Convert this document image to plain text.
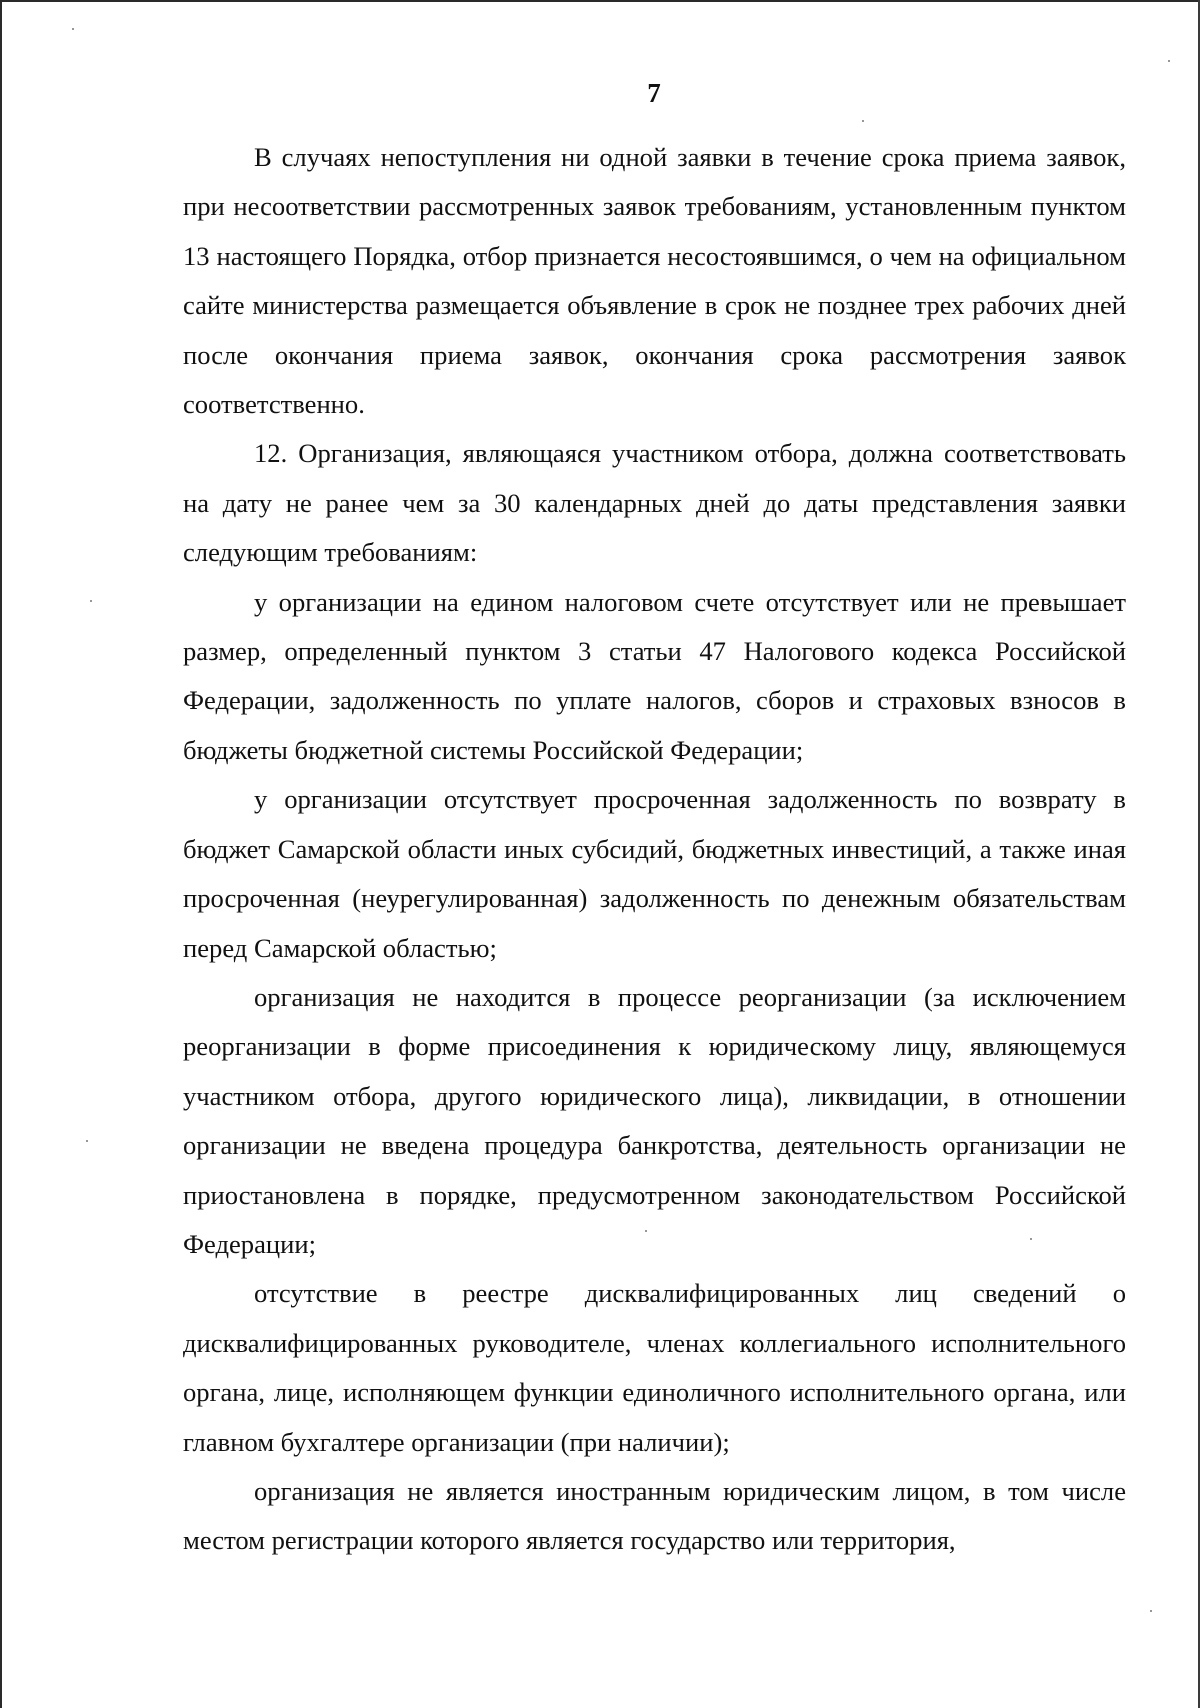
7

В случаях непоступления ни одной заявки в течение срока приема заявок, при несоответствии рассмотренных заявок требованиям, установленным пунктом 13 настоящего Порядка, отбор признается несостоявшимся, о чем на официальном сайте министерства размещается объявление в срок не позднее трех рабочих дней после окончания приема заявок, окончания срока рассмотрения заявок соответственно.

12. Организация, являющаяся участником отбора, должна соответствовать на дату не ранее чем за 30 календарных дней до даты представления заявки следующим требованиям:

у организации на едином налоговом счете отсутствует или не превышает размер, определенный пунктом 3 статьи 47 Налогового кодекса Российской Федерации, задолженность по уплате налогов, сборов и страховых взносов в бюджеты бюджетной системы Российской Федерации;

у организации отсутствует просроченная задолженность по возврату в бюджет Самарской области иных субсидий, бюджетных инвестиций, а также иная просроченная (неурегулированная) задолженность по денежным обязательствам перед Самарской областью;

организация не находится в процессе реорганизации (за исключением реорганизации в форме присоединения к юридическому лицу, являющемуся участником отбора, другого юридического лица), ликвидации, в отношении организации не введена процедура банкротства, деятельность организации не приостановлена в порядке, предусмотренном законодательством Российской Федерации;

отсутствие в реестре дисквалифицированных лиц сведений о дисквалифицированных руководителе, членах коллегиального исполнительного органа, лице, исполняющем функции единоличного исполнительного органа, или главном бухгалтере организации (при наличии);

организация не является иностранным юридическим лицом, в том числе местом регистрации которого является государство или территория,
